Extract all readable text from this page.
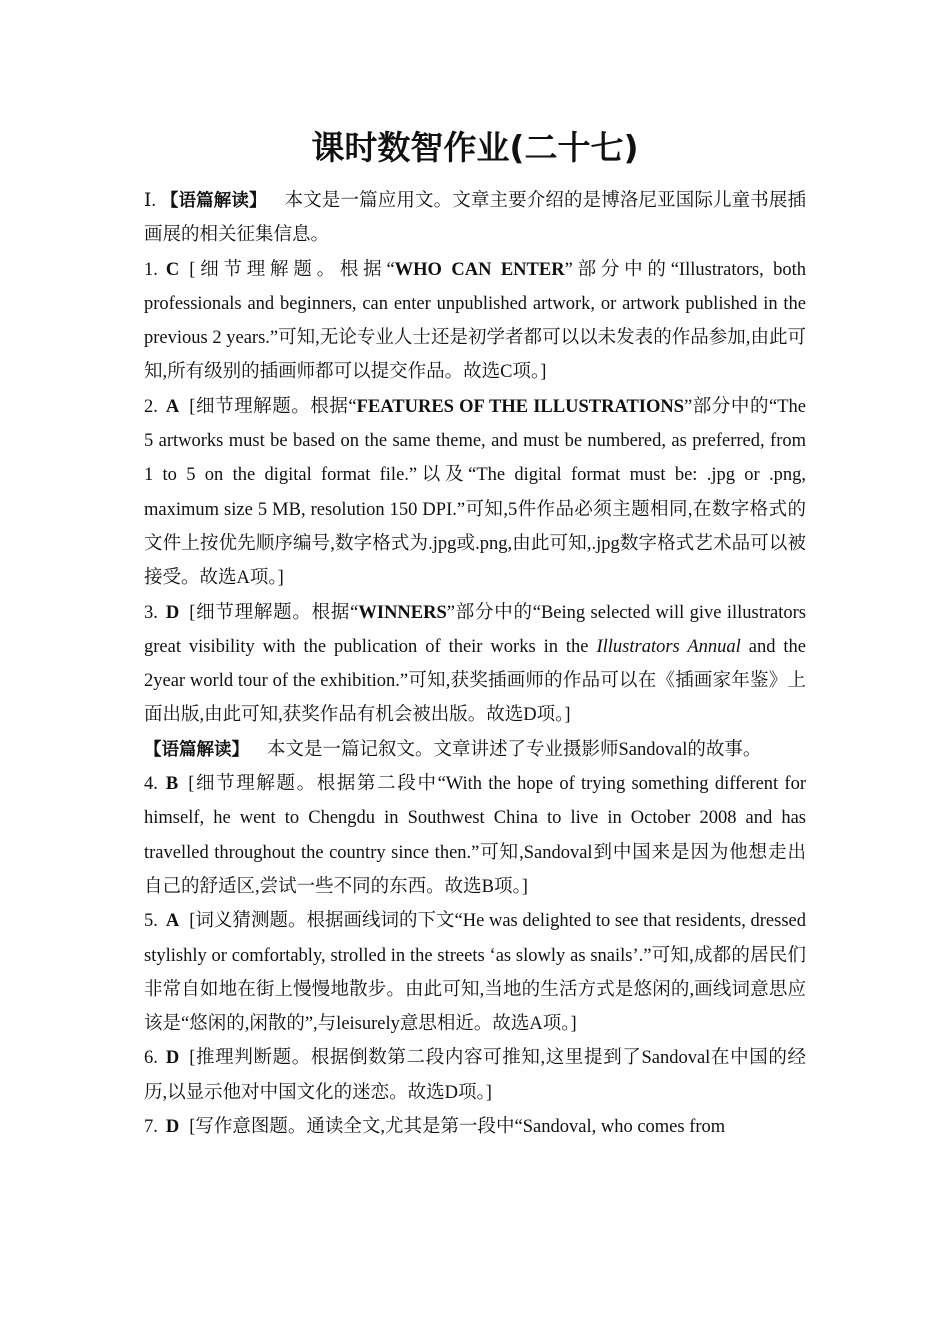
课时数智作业(二十七)

Ⅰ. 【语篇解读】 本文是一篇应用文。文章主要介绍的是博洛尼亚国际儿童书展插画展的相关征集信息。

1. C [细节理解题。根据“WHO CAN ENTER”部分中的“Illustrators, both professionals and beginners, can enter unpublished artwork, or artwork published in the previous 2 years.”可知,无论专业人士还是初学者都可以以未发表的作品参加,由此可知,所有级别的插画师都可以提交作品。故选C项。]

2. A [细节理解题。根据“FEATURES OF THE ILLUSTRATIONS”部分中的“The 5 artworks must be based on the same theme, and must be numbered, as preferred, from 1 to 5 on the digital format file.”以及“The digital format must be: .jpg or .png, maximum size 5 MB, resolution 150 DPI.”可知,5件作品必须主题相同,在数字格式的文件上按优先顺序编号,数字格式为.jpg或.png,由此可知,.jpg数字格式艺术品可以被接受。故选A项。]

3. D [细节理解题。根据“WINNERS”部分中的“Being selected will give illustrators great visibility with the publication of their works in the Illustrators Annual and the 2year world tour of the exhibition.”可知,获奖插画师的作品可以在《插画家年鉴》上面出版,由此可知,获奖作品有机会被出版。故选D项。]

【语篇解读】 本文是一篇记叙文。文章讲述了专业摄影师Sandoval的故事。

4. B [细节理解题。根据第二段中“With the hope of trying something different for himself, he went to Chengdu in Southwest China to live in October 2008 and has travelled throughout the country since then.”可知,Sandoval到中国来是因为他想走出自己的舒适区,尝试一些不同的东西。故选B项。]

5. A [词义猜测题。根据画线词的下文“He was delighted to see that residents, dressed stylishly or comfortably, strolled in the streets ‘as slowly as snails’.”可知,成都的居民们非常自如地在街上慢慢地散步。由此可知,当地的生活方式是悠闲的,画线词意思应该是“悠闲的,闲散的”,与leisurely意思相近。故选A项。]

6. D [推理判断题。根据倒数第二段内容可推知,这里提到了Sandoval在中国的经历,以显示他对中国文化的迷恋。故选D项。]

7. D [写作意图题。通读全文,尤其是第一段中“Sandoval, who comes from
